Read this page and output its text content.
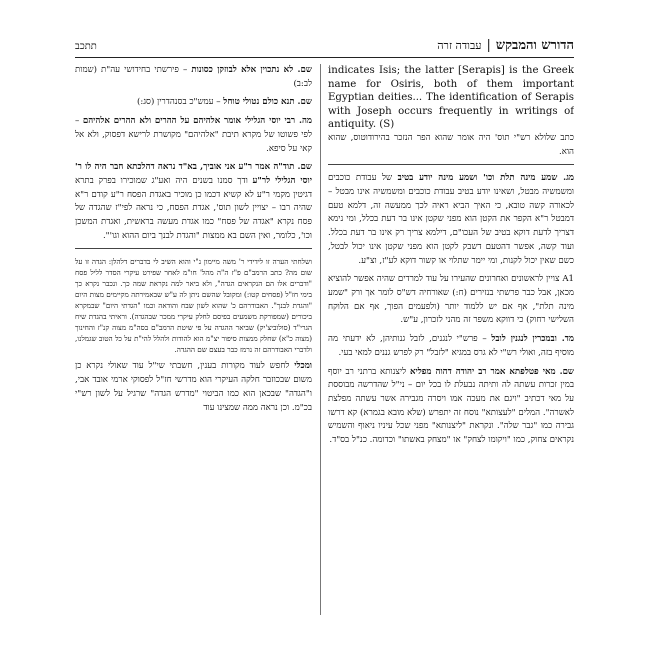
תתכב	הדורש והמבקש|עבודה זרה

indicates Isis; the latter [Serapis] is the Greek name for Osiris, both of them important Egyptian deities... The identification of Serapis with Joseph occurs frequently in writings of antiquity. (S)

כתב שלולא רש"י תוס' היה אומר שהוא הפר הנזכר בהירודוטוס, שהוא הוא.

מג. שמע מינה תלת וכו' ושמע מינה יודע בטיב של עבודת כוכבים ומשמשיה מבטל, ושאינו יודע בטיב עבודת כוכבים ומשמשיה אינו מבטל – לכאורה קשה טובא, כי האיך הביא ראיה לכך ממעשה זה, דלמא טעם דמבטל ר"א הקפר את הקטן הוא מפני שקטן אינו בר דעת בכלל, ומי נימא דצריך לדעת דוקא בטיב של העכו"ם, דילמא צריך רק אינו בר דעת בכלל. ועוד קשה, אפשר דהטעם דשבק לקטן הוא מפני שקטן אינו יכול לבטל, כשם שאין יכול לקנות, ומי יימר שתלוי או קשור דוקא לע"ז, וצ"ע.

A1 צויין לראשונים ואחרונים שהעירו על עוד למרדים שהיה אפשר להוציא מכאן, אבל כבר פרשתי בנזירים (ח:) שאורחיה דש"ס לומר אך ורק "שמע מינה תלת", אף אם יש ללמוד יותר (ולפעמים הפוך, אף אם הלוקח השלישי רחוק) כי דווקא משפר זה מהני לזכרון, ע"ש.

מד. ובמכרין לנגנין לובל – פרש"י לנגנים, לזבל גנותיהן, לא ידעתי מה מוסיף בזה, ואולי רש"י לא גרס במגיא "לזבל" רק לפרש גננים למאי בעי.

שם. מאי פטלפתא אמר רב יהודה דהוה מפליא ליצנותא ברתני רב יוסף במין זכרות עשתה לה ותיתה נבעלת לו בכל יום – ני"ל שהדרשה מבוססת על מאי דכתיב "ויגם את מעכה אמו ויסרה מגבירה אשר עשתה מפלצת לאשרה". המלים "לעצותא" נוסח זה יתפרש (שלא מובא בגמרא) קא דרשו גבירה כמו "גבר שלה". ונקראת "ליצנותא" מפני שכל עיניו ניאוף והשמיש נקראים צחוק, כמו "ויקומו לצחק" או "מצחק באשתו" וכדומה. כנ"ל בס"ד.

שם. לא נתכוין אלא לבוזקן כסונות – פירשתי בחידושי עה"ת (שמות לב:ב)

שם. תנא כולם נטולי טוחל – עמש"כ בסנהדרין (סג:)

מה. רבי יוסי הגלילי אומר אלהיהם על ההרים ולא ההרים אלהיהם – לפי פשוטו של מקרא תיבת "אלהיהם" מקושרת לרישא דפסוק, ולא אל קאי על סיפא.

שם. תוד"ה אמר ר"ע אני אוביך, בא"ד נראה דהלכתא חבר היה לו ר' יוסי הגלילי לר"ע ודך סמנו בשנים היה ואע"ג שמוכירו בפרק בתרא דגיטין מקמי ר"ע לא קשיא דכמו כן מוכיר באגדת הפסח ר"ע קודם ר"א שהיה רבו – יצויין לשון תוס', אגדת הפסח, כי נראה לפי"ז שהגדה של פסח נקרא "אגדה של פסח" כמו אגדת מעשה בראשית, ואגדת המשכן וכו', כלומר, ואין השם בא ממצות "והגדת לבנך ביום ההוא וגו'".

ושלחתי הערה זו לידידי ר' משה מיימון נ"י והוא השיב לי בדברים דלהלן: הגדה זו על שום מה? כתב הרמב"ם פ"ז ה"ה מהל' חו"מ לאחר שפירט עיקרי הסדר לליל פסח "ודברים אלו הם הנקראים הגדה", ולא ביאר למה נקראת שמה כך. ונכבר נקרא כך בימי חז"ל (פסחים קטו:) ומקובל שהשם ניתן לה ע"ש שבאמירתה מקיימים מצות היום "והגדת לבנך". האבודרהם כ' שהוא לשון שבח והודאה וכמו "הגדתי היום" שבמקרא ביכורים (שמפורקת משמעים בפיסם לחלק עיקרי ממכר שבהגדה). וראיתי בהגדת שיח הגרי"ד (סולוביצ'יק) שביאר ההגדה על פי שיטת הרמב"ם בסה"מ מצוה קנ"ז והחינוך (מצוה כ"א) שחלק ממצות סיפור יצ"מ הוא להודות ולהלל להי"ת על כל הטוב שגמלנו, ולדברי האבודרהם זה נרמז כבר בעצם שם ההגדה.

ומכלי לחפש לעוד מקורות בענין, חשבתי שי"ל עוד שאולי נקרא כן משום שבכוזבר חלקה העיקרי הוא מדרשי חז"ל לפסוקי ארמי אובד אבי, ו"הגדה" שבכאן הוא כמו הביטוי "מדרש הגדה" שרגיל על לשון רש"י בכ"מ. וכן נראה ממה שמצינו עוד
